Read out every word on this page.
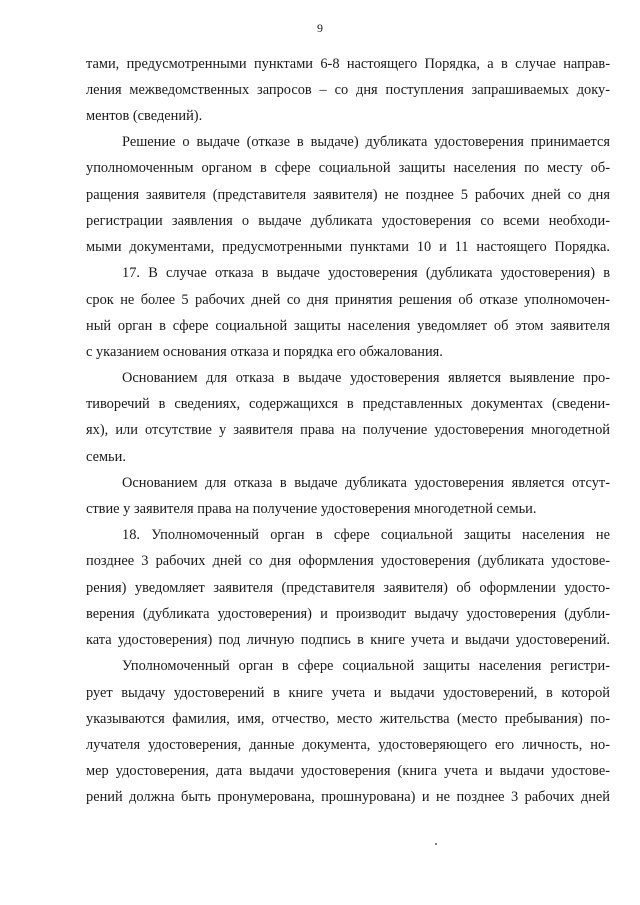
9
тами, предусмотренными пунктами 6-8 настоящего Порядка, а в случае направ-
ления межведомственных запросов – со дня поступления запрашиваемых доку-
ментов (сведений).
Решение о выдаче (отказе в выдаче) дубликата удостоверения принимается
уполномоченным органом в сфере социальной защиты населения по месту об-
ращения заявителя (представителя заявителя) не позднее 5 рабочих дней со дня
регистрации заявления о выдаче дубликата удостоверения со всеми необходи-
мыми документами, предусмотренными пунктами 10 и 11 настоящего Порядка.
17. В случае отказа в выдаче удостоверения (дубликата удостоверения) в
срок не более 5 рабочих дней со дня принятия решения об отказе уполномочен-
ный орган в сфере социальной защиты населения уведомляет об этом заявителя
с указанием основания отказа и порядка его обжалования.
Основанием для отказа в выдаче удостоверения является выявление про-
тиворечий в сведениях, содержащихся в представленных документах (сведени-
ях), или отсутствие у заявителя права на получение удостоверения многодетной
семьи.
Основанием для отказа в выдаче дубликата удостоверения является отсут-
ствие у заявителя права на получение удостоверения многодетной семьи.
18. Уполномоченный орган в сфере социальной защиты населения не
позднее 3 рабочих дней со дня оформления удостоверения (дубликата удостове-
рения) уведомляет заявителя (представителя заявителя) об оформлении удосто-
верения (дубликата удостоверения) и производит выдачу удостоверения (дубли-
ката удостоверения) под личную подпись в книге учета и выдачи удостоверений.
Уполномоченный орган в сфере социальной защиты населения регистри-
рует выдачу удостоверений в книге учета и выдачи удостоверений, в которой
указываются фамилия, имя, отчество, место жительства (место пребывания) по-
лучателя удостоверения, данные документа, удостоверяющего его личность, но-
мер удостоверения, дата выдачи удостоверения (книга учета и выдачи удостове-
рений должна быть пронумерована, прошнурована) и не позднее 3 рабочих дней
